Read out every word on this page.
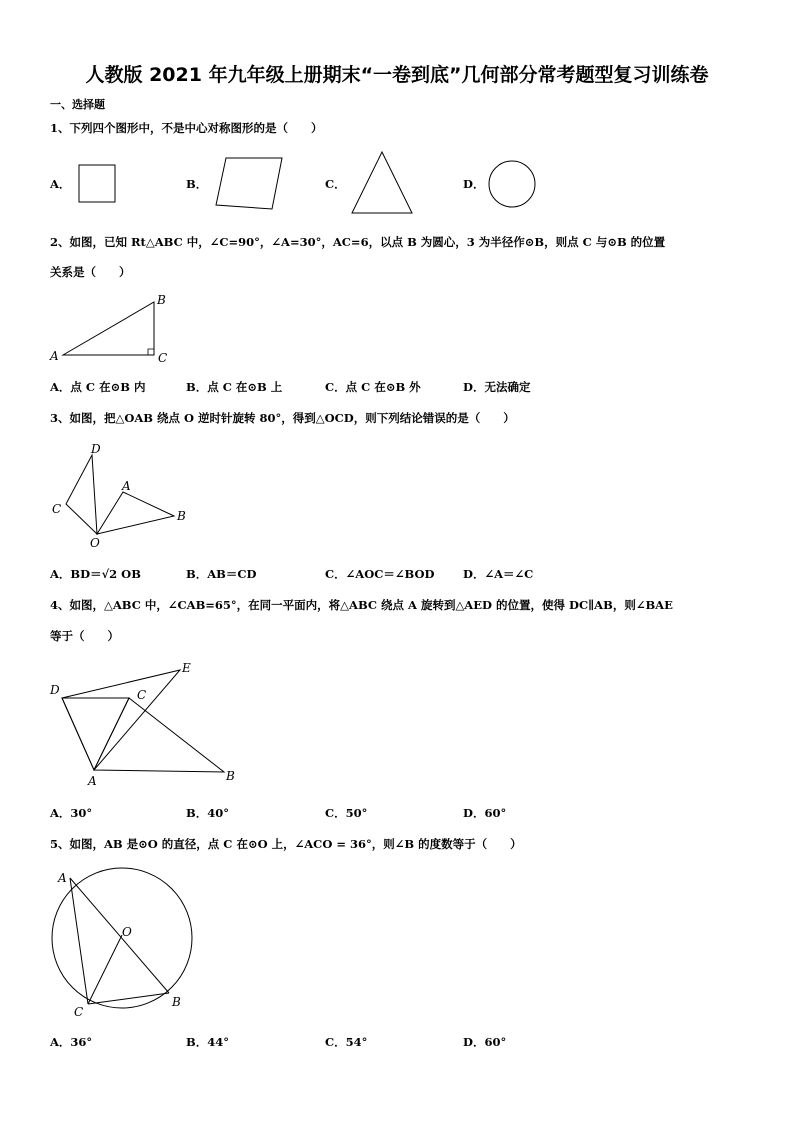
人教版 2021 年九年级上册期末“一卷到底”几何部分常考题型复习训练卷
一、选择题
1、下列四个图形中，不是中心对称图形的是（　　）
A．	B．	C．	D．
2、如图，已知 Rt△ABC 中，∠C=90°，∠A=30°，AC=6，以点 B 为圆心，3 为半径作⊙B，则点 C 与⊙B 的位置
关系是（　　）
A
B
C
A．点 C 在⊙B 内	B．点 C 在⊙B 上	C．点 C 在⊙B 外	D．无法确定
3、如图，把△OAB 绕点 O 逆时针旋转 80°，得到△OCD，则下列结论错误的是（　　）
D
C
A
B
O
A．BD＝√2 OB	B．AB＝CD	C．∠AOC＝∠BOD D．∠A＝∠C
4、如图，△ABC 中，∠CAB=65°，在同一平面内，将△ABC 绕点 A 旋转到△AED 的位置，使得 DC∥AB，则∠BAE
等于（　　）
D	C
E
A	B
A．30°	B．40°	C．50°	D．60°
5、如图，AB 是⊙O 的直径，点 C 在⊙O 上，∠ACO = 36°，则∠B 的度数等于（　　）
A
O
C
B
A．36°	B．44°	C．54°	D．60°
